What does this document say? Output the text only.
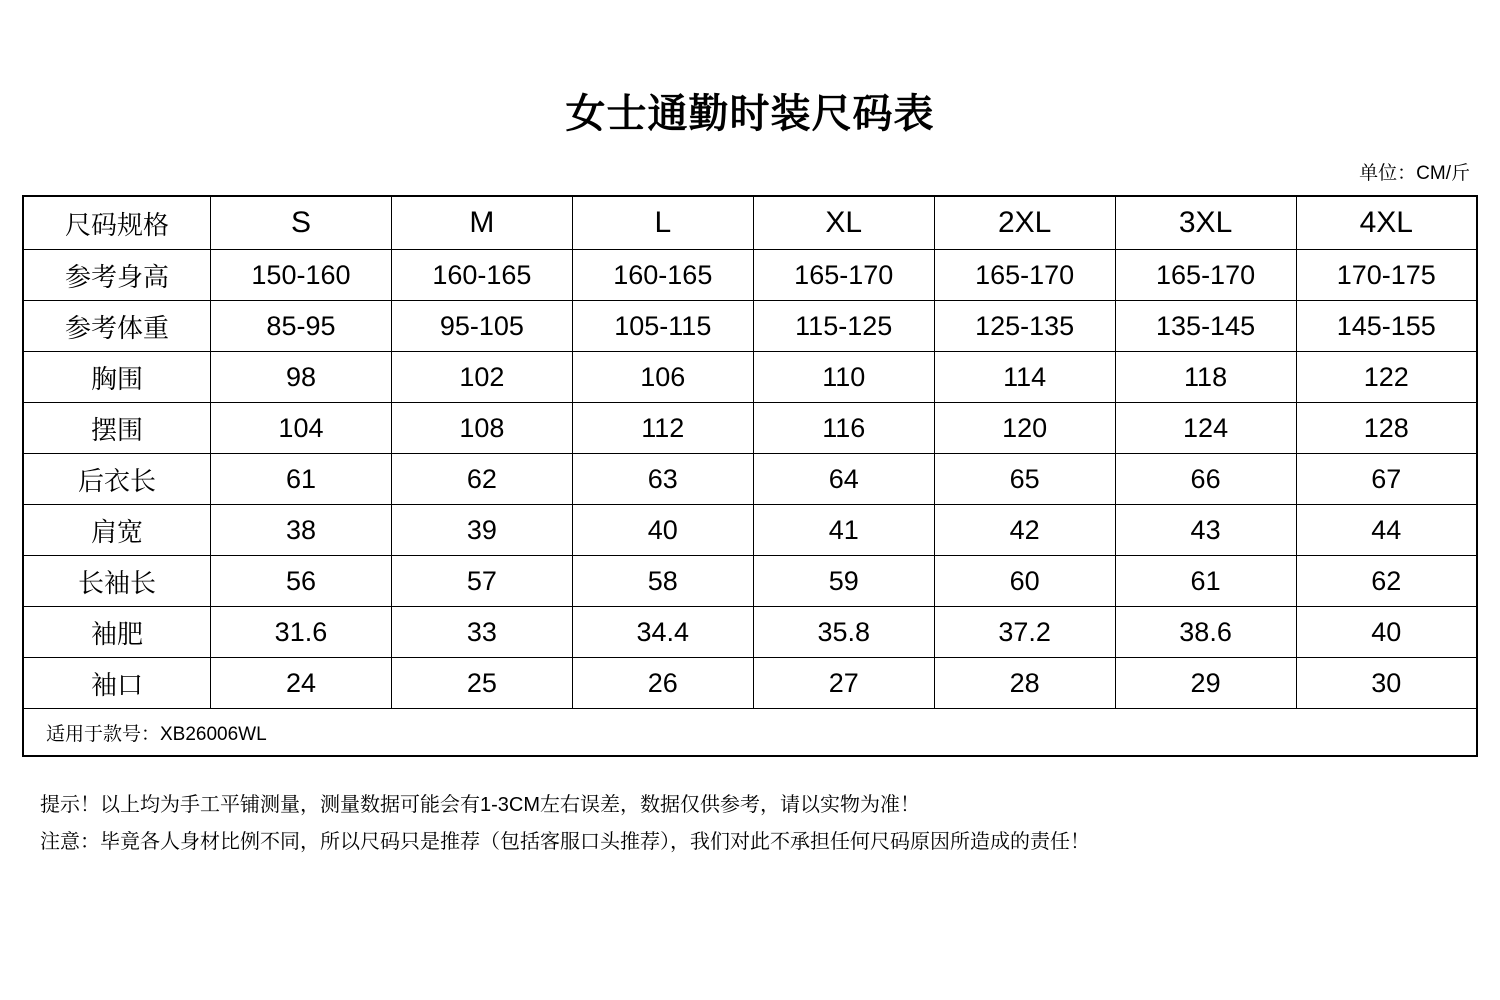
女士通勤时装尺码表
单位：CM/斤
尺码规格	S	M	L	XL	2XL	3XL	4XL
参考身高	150-160	160-165	160-165	165-170	165-170	165-170	170-175
参考体重	85-95	95-105	105-115	115-125	125-135	135-145	145-155
胸围	98	102	106	110	114	118	122
摆围	104	108	112	116	120	124	128
后衣长	61	62	63	64	65	66	67
肩宽	38	39	40	41	42	43	44
长袖长	56	57	58	59	60	61	62
袖肥	31.6	33	34.4	35.8	37.2	38.6	40
袖口	24	25	26	27	28	29	30
适用于款号：XB26006WL							
提示！以上均为手工平铺测量，测量数据可能会有1-3CM左右误差，数据仅供参考，请以实物为准！
注意：毕竟各人身材比例不同，所以尺码只是推荐（包括客服口头推荐），我们对此不承担任何尺码原因所造成的责任！
